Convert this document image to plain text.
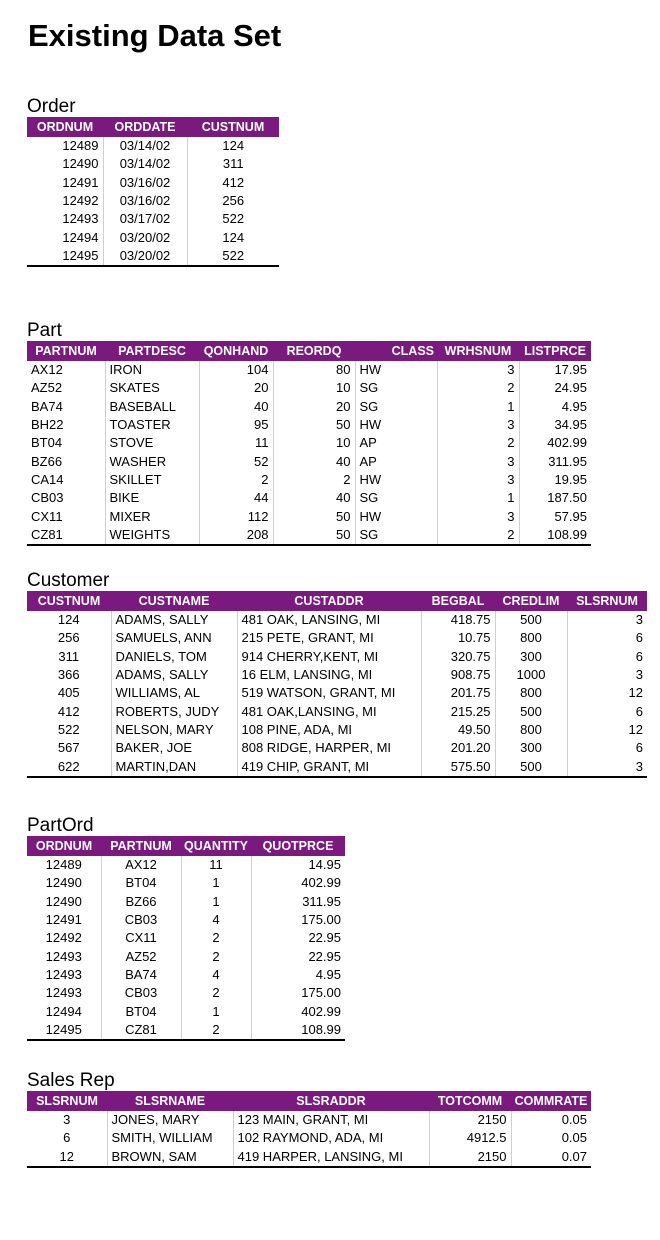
Existing Data Set
Order
ORDNUM	ORDDATE	CUSTNUM
12489	03/14/02	124
12490	03/14/02	311
12491	03/16/02	412
12492	03/16/02	256
12493	03/17/02	522
12494	03/20/02	124
12495	03/20/02	522
Part
PARTNUM	PARTDESC	QONHAND	REORDQ	CLASS	WRHSNUM	LISTPRCE
AX12	IRON	104	80	HW	3	17.95
AZ52	SKATES	20	10	SG	2	24.95
BA74	BASEBALL	40	20	SG	1	4.95
BH22	TOASTER	95	50	HW	3	34.95
BT04	STOVE	11	10	AP	2	402.99
BZ66	WASHER	52	40	AP	3	311.95
CA14	SKILLET	2	2	HW	3	19.95
CB03	BIKE	44	40	SG	1	187.50
CX11	MIXER	112	50	HW	3	57.95
CZ81	WEIGHTS	208	50	SG	2	108.99
Customer
CUSTNUM	CUSTNAME	CUSTADDR	BEGBAL	CREDLIM	SLSRNUM
124	ADAMS, SALLY	481 OAK, LANSING, MI	418.75	500	3
256	SAMUELS, ANN	215 PETE, GRANT, MI	10.75	800	6
311	DANIELS, TOM	914 CHERRY,KENT, MI	320.75	300	6
366	ADAMS, SALLY	16 ELM, LANSING, MI	908.75	1000	3
405	WILLIAMS, AL	519 WATSON, GRANT, MI	201.75	800	12
412	ROBERTS, JUDY	481 OAK,LANSING, MI	215.25	500	6
522	NELSON, MARY	108 PINE, ADA, MI	49.50	800	12
567	BAKER, JOE	808 RIDGE, HARPER, MI	201.20	300	6
622	MARTIN,DAN	419 CHIP, GRANT, MI	575.50	500	3
PartOrd
ORDNUM	PARTNUM	QUANTITY	QUOTPRCE
12489	AX12	11	14.95
12490	BT04	1	402.99
12490	BZ66	1	311.95
12491	CB03	4	175.00
12492	CX11	2	22.95
12493	AZ52	2	22.95
12493	BA74	4	4.95
12493	CB03	2	175.00
12494	BT04	1	402.99
12495	CZ81	2	108.99
Sales Rep
SLSRNUM	SLSRNAME	SLSRADDR	TOTCOMM	COMMRATE
3	JONES, MARY	123 MAIN, GRANT, MI	2150	0.05
6	SMITH, WILLIAM	102 RAYMOND, ADA, MI	4912.5	0.05
12	BROWN, SAM	419 HARPER, LANSING, MI	2150	0.07
